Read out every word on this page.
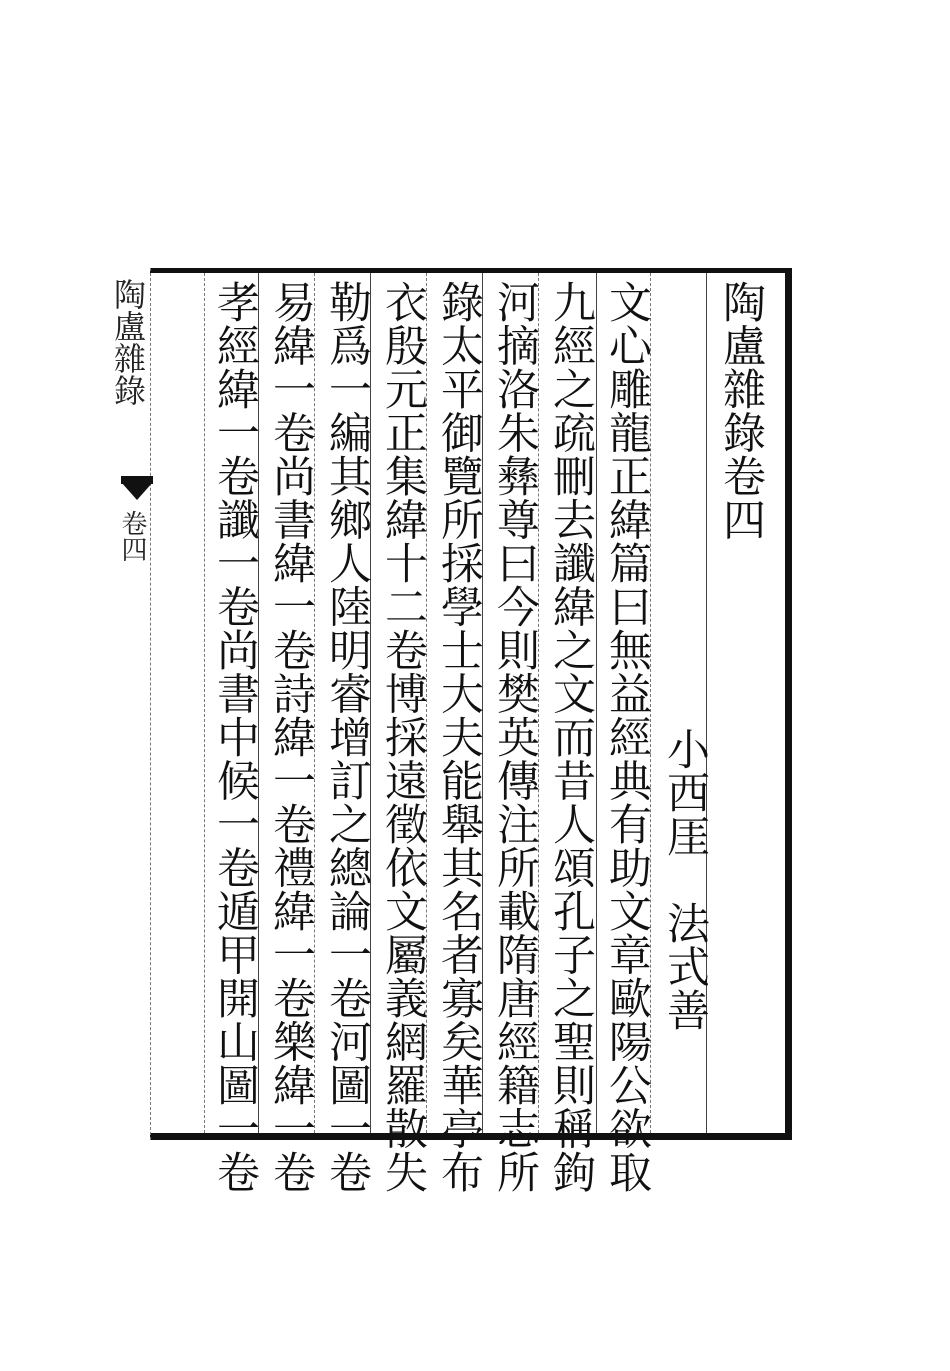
陶盧雜錄
卷四	陶盧雜錄卷四
小西厓　法式善
文心雕龍正緯篇曰無益經典有助文章歐陽公欲取
九經之疏刪去讖緯之文而昔人頌孔子之聖則稱鉤
河摘洛朱彝尊曰今則樊英傳注所載隋唐經籍志所
錄太平御覽所採學士大夫能舉其名者寡矣華亭布
衣殷元正集緯十二卷博採遠徵依文屬義網羅散失
勒爲一編其鄉人陸明睿增訂之總論一卷河圖一卷
易緯一卷尚書緯一卷詩緯一卷禮緯一卷樂緯一卷
孝經緯一卷讖一卷尚書中候一卷遁甲開山圖一卷
